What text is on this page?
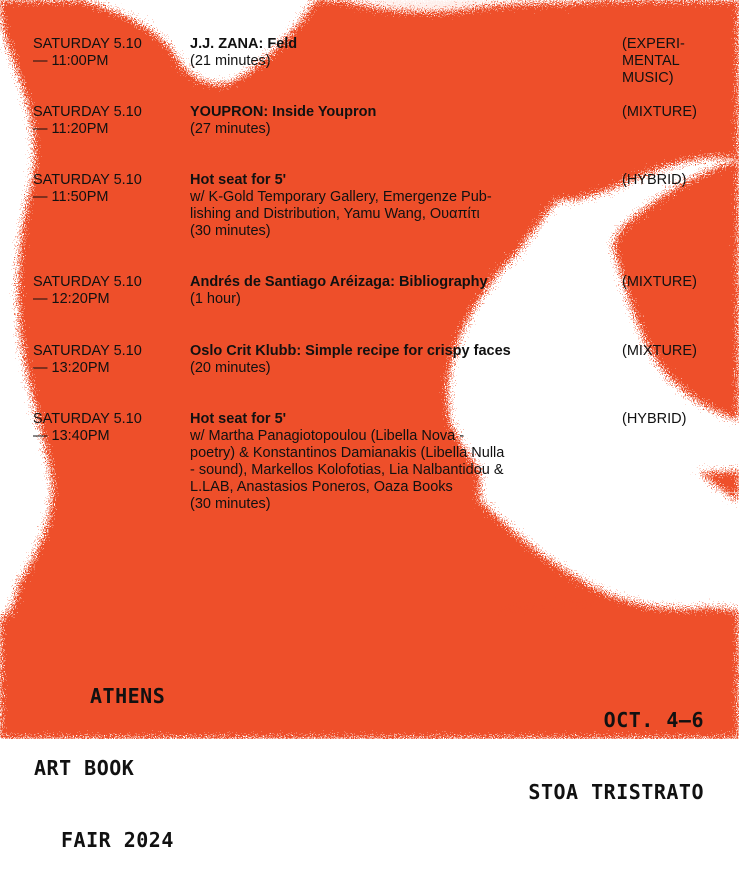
SATURDAY 5.10
— 11:00PM
J.J. ZANA: Feld
(21 minutes)
(EXPERI-
MENTAL
MUSIC)
SATURDAY 5.10
— 11:20PM
YOUPRON: Inside Youpron
(27 minutes)
(MIXTURE)
SATURDAY 5.10
— 11:50PM
Hot seat for 5'
w/ K-Gold Temporary Gallery, Emergenze Pub-
lishing and Distribution, Yamu Wang, Ουαπίτι
(30 minutes)
(HYBRID)
SATURDAY 5.10
— 12:20PM
Andrés de Santiago Aréizaga: Bibliography
(1 hour)
(MIXTURE)
SATURDAY 5.10
— 13:20PM
Oslo Crit Klubb: Simple recipe for crispy faces
(20 minutes)
(MIXTURE)
SATURDAY 5.10
— 13:40PM
Hot seat for 5'
w/ Martha Panagiotopoulou (Libella Nova -
poetry) & Konstantinos Damianakis (Libella Nulla
- sound), Markellos Kolofotias, Lia Nalbantidou &
L.LAB, Anastasios Poneros, Oaza Books
(30 minutes)
(HYBRID)

ATHENS

ART BOOK

FAIR 2024

OCT. 4–6

STOA TRISTRATO
